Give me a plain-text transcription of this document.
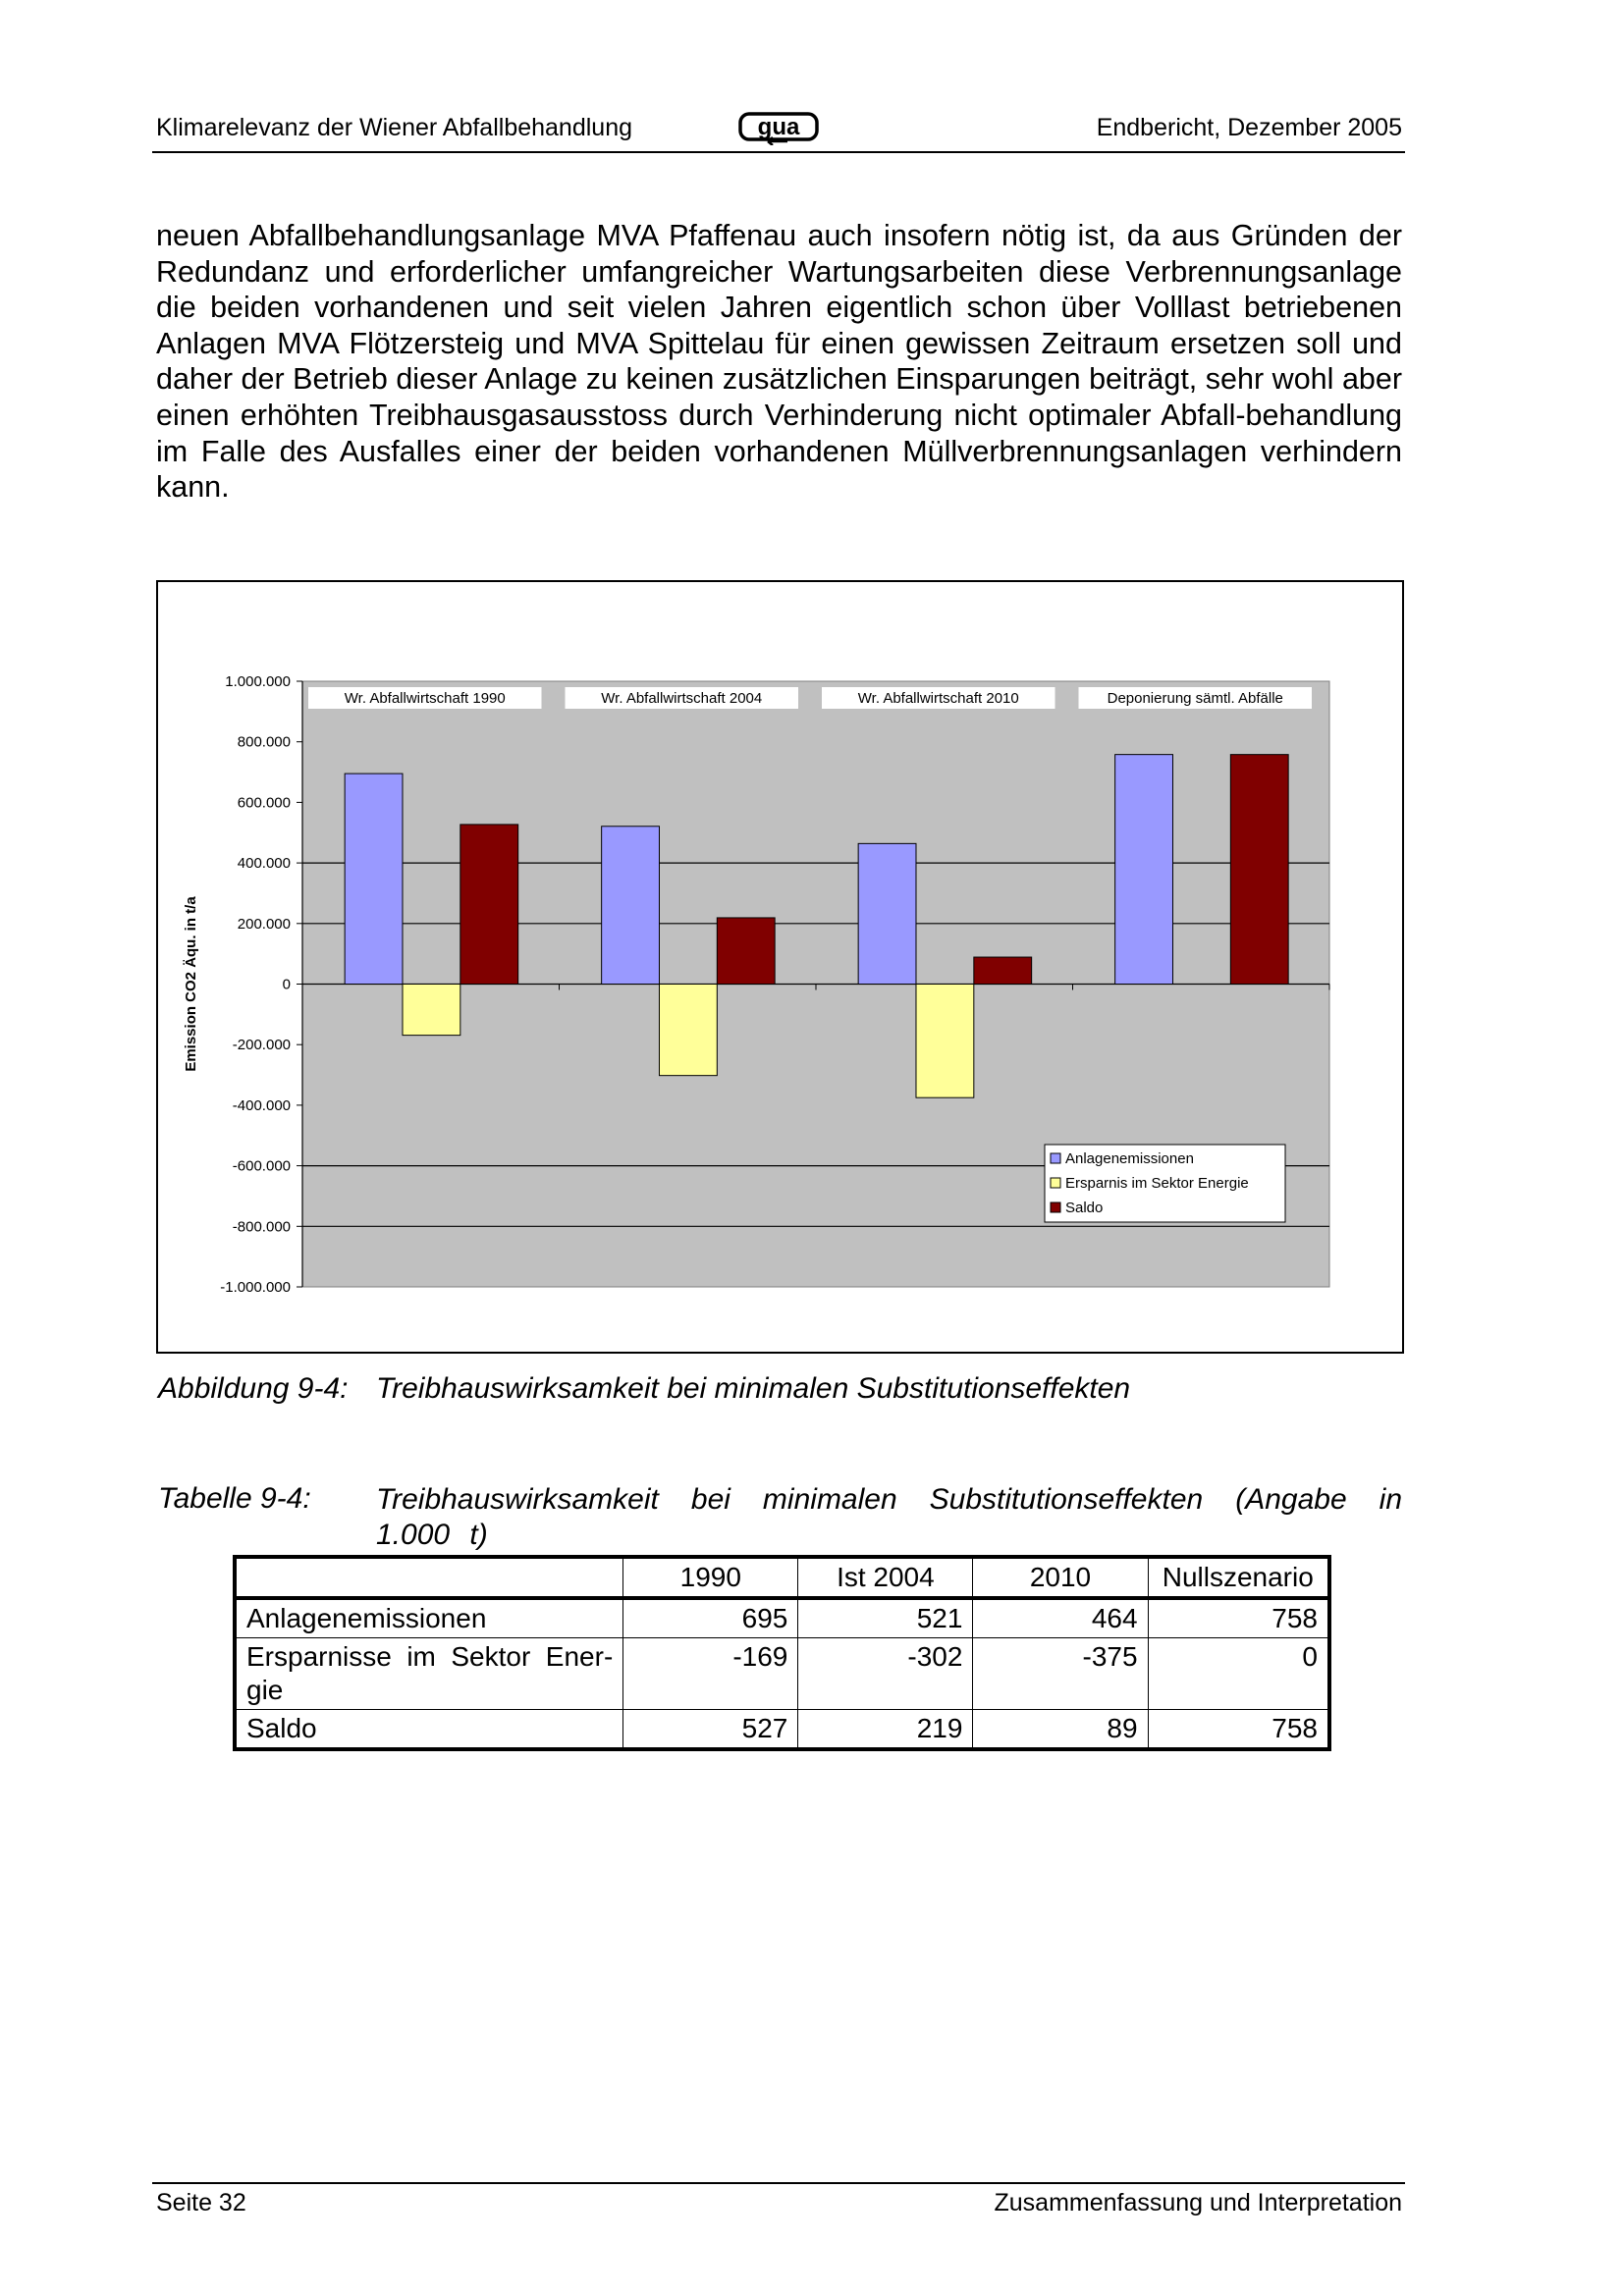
Klimarelevanz der Wiener Abfallbehandlung	gua	Endbericht, Dezember 2005
neuen Abfallbehandlungsanlage MVA Pfaffenau auch insofern nötig ist, da aus Gründen der Redundanz und erforderlicher umfangreicher Wartungsarbeiten diese Verbrennungsanlage die beiden vorhandenen und seit vielen Jahren eigentlich schon über Volllast betriebenen Anlagen MVA Flötzersteig und MVA Spittelau für einen gewissen Zeitraum ersetzen soll und daher der Betrieb dieser Anlage zu keinen zusätzlichen Einsparungen beiträgt, sehr wohl aber einen erhöhten Treibhausgasausstoss durch Verhinderung nicht optimaler Abfall-behandlung im Falle des Ausfalles einer der beiden vorhandenen Müllverbrennungsanlagen verhindern kann.
1.000.000
800.000
600.000
400.000
200.000
0
-200.000
-400.000
-600.000
-800.000
-1.000.000
Emission CO2 Äqu. in t/a
Wr. Abfallwirtschaft 1990	Wr. Abfallwirtschaft 2004	Wr. Abfallwirtschaft 2010	Deponierung sämtl. Abfälle
Anlagenemissionen
Ersparnis im Sektor Energie
Saldo
Abbildung 9-4: Treibhauswirksamkeit bei minimalen Substitutionseffekten
Tabelle 9-4: Treibhauswirksamkeit bei minimalen Substitutionseffekten (Angabe in 1.000 t)
	1990	Ist 2004	2010	Nullszenario
Anlagenemissionen	695	521	464	758
Ersparnisse im Sektor Ener-gie	-169	-302	-375	0
Saldo	527	219	89	758
Seite 32	Zusammenfassung und Interpretation
